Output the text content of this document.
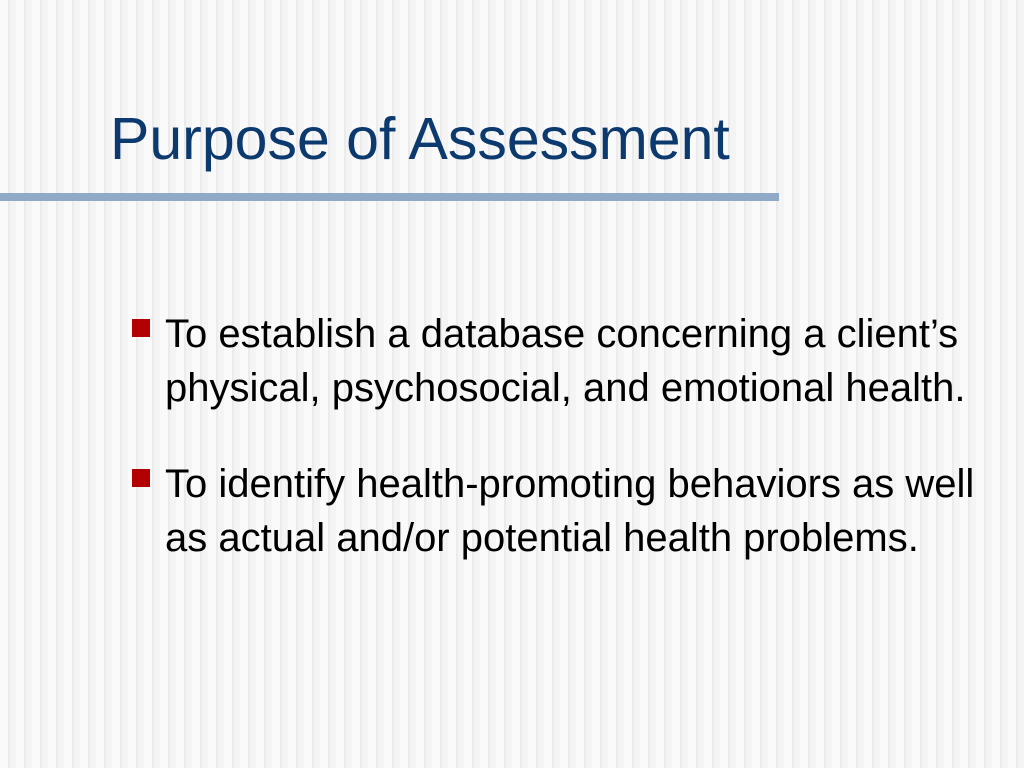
Purpose of Assessment
To establish a database concerning a client’s physical, psychosocial, and emotional health.
To identify health-promoting behaviors as well as actual and/or potential health problems.
